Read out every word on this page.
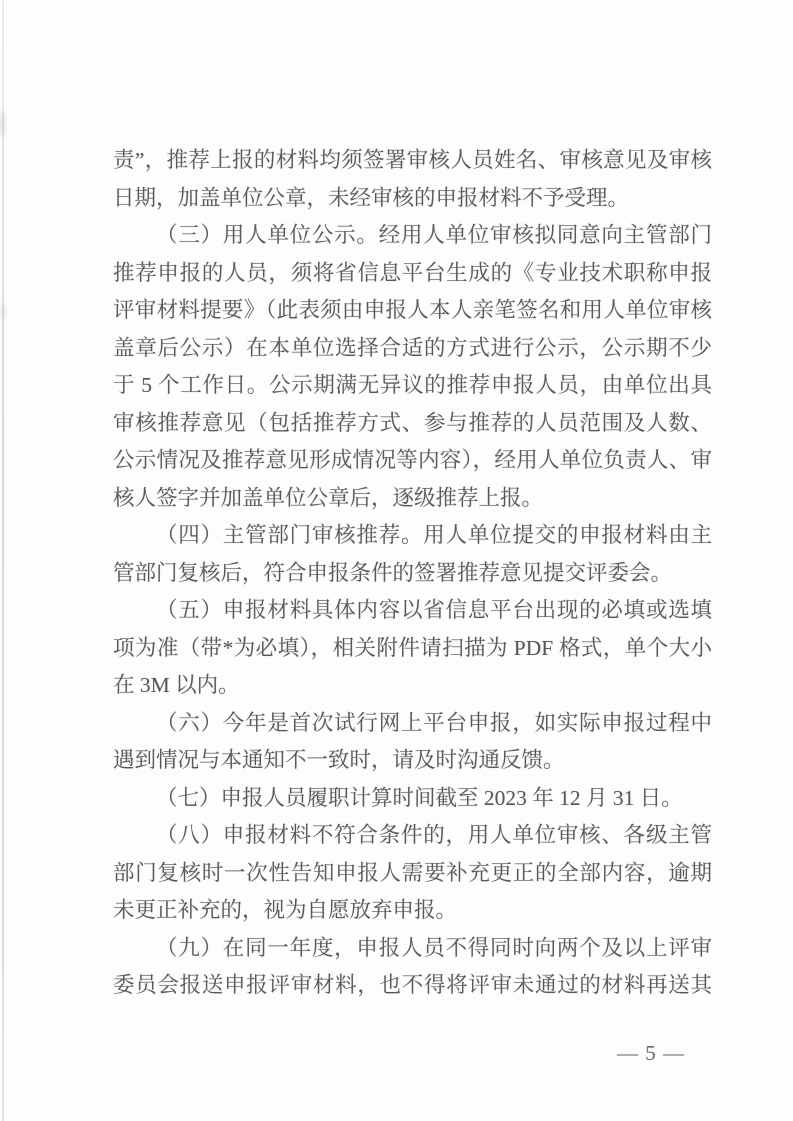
责”，推荐上报的材料均须签署审核人员姓名、审核意见及审核
日期，加盖单位公章，未经审核的申报材料不予受理。
（三）用人单位公示。经用人单位审核拟同意向主管部门
推荐申报的人员，须将省信息平台生成的《专业技术职称申报
评审材料提要》（此表须由申报人本人亲笔签名和用人单位审核
盖章后公示）在本单位选择合适的方式进行公示，公示期不少
于 5 个工作日。公示期满无异议的推荐申报人员，由单位出具
审核推荐意见（包括推荐方式、参与推荐的人员范围及人数、
公示情况及推荐意见形成情况等内容），经用人单位负责人、审
核人签字并加盖单位公章后，逐级推荐上报。
（四）主管部门审核推荐。用人单位提交的申报材料由主
管部门复核后，符合申报条件的签署推荐意见提交评委会。
（五）申报材料具体内容以省信息平台出现的必填或选填
项为准（带*为必填），相关附件请扫描为 PDF 格式，单个大小
在 3M 以内。
（六）今年是首次试行网上平台申报，如实际申报过程中
遇到情况与本通知不一致时，请及时沟通反馈。
（七）申报人员履职计算时间截至 2023 年 12 月 31 日。
（八）申报材料不符合条件的，用人单位审核、各级主管
部门复核时一次性告知申报人需要补充更正的全部内容，逾期
未更正补充的，视为自愿放弃申报。
（九）在同一年度，申报人员不得同时向两个及以上评审
委员会报送申报评审材料，也不得将评审未通过的材料再送其
— 5 —
